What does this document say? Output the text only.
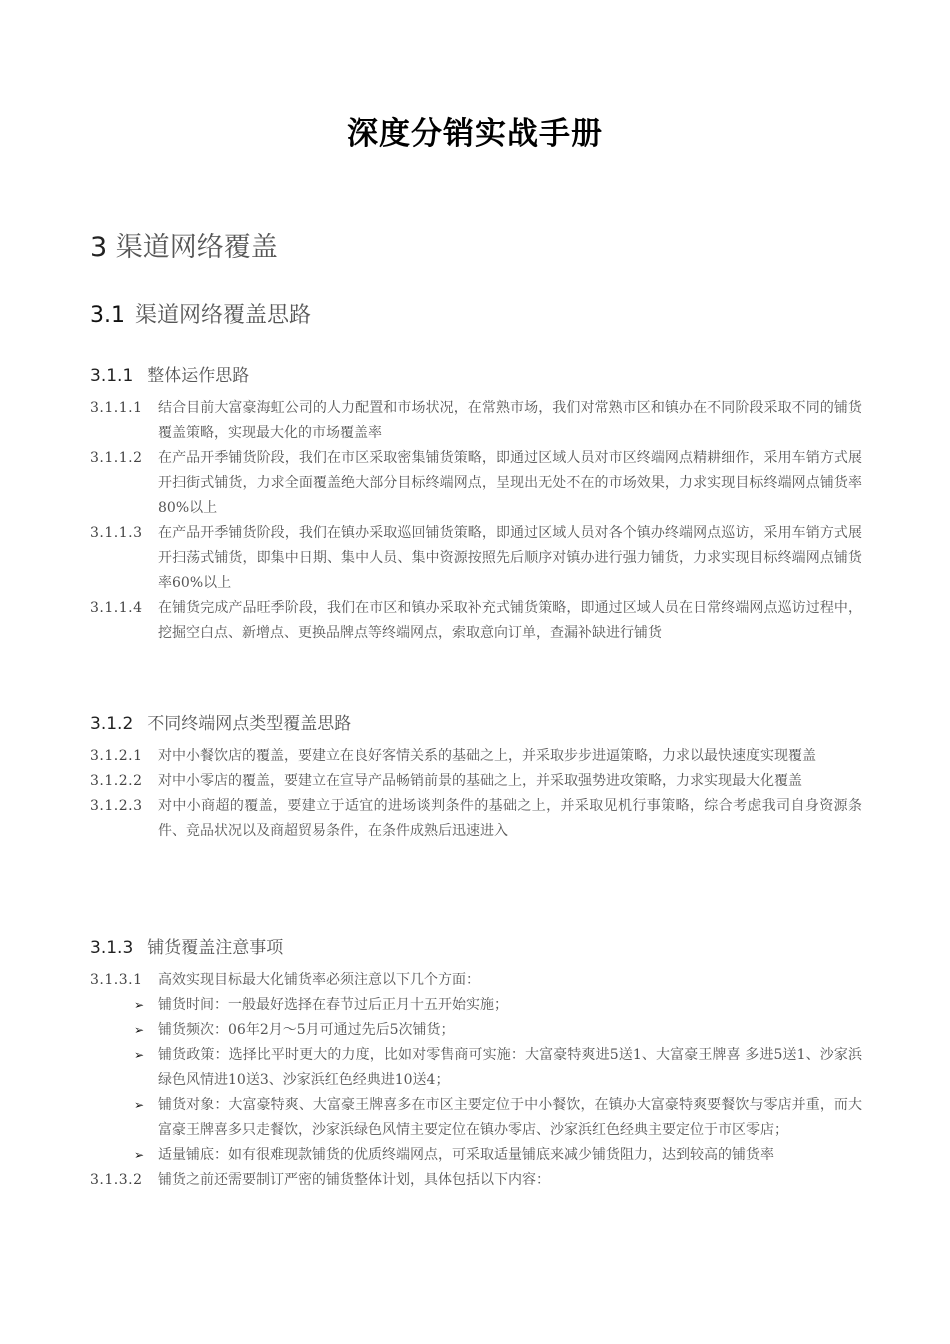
深度分销实战手册
3 渠道网络覆盖
3.1 渠道网络覆盖思路
3.1.1 整体运作思路
3.1.1.1	结合目前大富豪海虹公司的人力配置和市场状况，在常熟市场，我们对常熟市区和镇办在不同阶段采取不同的铺货覆盖策略，实现最大化的市场覆盖率
3.1.1.2	在产品开季铺货阶段，我们在市区采取密集铺货策略，即通过区域人员对市区终端网点精耕细作，采用车销方式展开扫街式铺货，力求全面覆盖绝大部分目标终端网点，呈现出无处不在的市场效果，力求实现目标终端网点铺货率80%以上
3.1.1.3	在产品开季铺货阶段，我们在镇办采取巡回铺货策略，即通过区域人员对各个镇办终端网点巡访，采用车销方式展开扫荡式铺货，即集中日期、集中人员、集中资源按照先后顺序对镇办进行强力铺货，力求实现目标终端网点铺货率60%以上
3.1.1.4	在铺货完成产品旺季阶段，我们在市区和镇办采取补充式铺货策略，即通过区域人员在日常终端网点巡访过程中，挖掘空白点、新增点、更换品牌点等终端网点，索取意向订单，查漏补缺进行铺货
3.1.2 不同终端网点类型覆盖思路
3.1.2.1	对中小餐饮店的覆盖，要建立在良好客情关系的基础之上，并采取步步进逼策略，力求以最快速度实现覆盖
3.1.2.2	对中小零店的覆盖，要建立在宣导产品畅销前景的基础之上，并采取强势进攻策略，力求实现最大化覆盖
3.1.2.3	对中小商超的覆盖，要建立于适宜的进场谈判条件的基础之上，并采取见机行事策略，综合考虑我司自身资源条件、竞品状况以及商超贸易条件，在条件成熟后迅速进入
3.1.3 铺货覆盖注意事项
3.1.3.1	高效实现目标最大化铺货率必须注意以下几个方面：
➢ 铺货时间：一般最好选择在春节过后正月十五开始实施；
➢ 铺货频次：06年2月～5月可通过先后5次铺货；
➢ 铺货政策：选择比平时更大的力度，比如对零售商可实施：大富豪特爽进5送1、大富豪王牌喜 多进5送1、沙家浜绿色风情进10送3、沙家浜红色经典进10送4；
➢ 铺货对象：大富豪特爽、大富豪王牌喜多在市区主要定位于中小餐饮，在镇办大富豪特爽要餐饮与零店并重，而大富豪王牌喜多只走餐饮，沙家浜绿色风情主要定位在镇办零店、沙家浜红色经典主要定位于市区零店；
➢ 适量铺底：如有很难现款铺货的优质终端网点，可采取适量铺底来减少铺货阻力，达到较高的铺货率
3.1.3.2	铺货之前还需要制订严密的铺货整体计划，具体包括以下内容：
